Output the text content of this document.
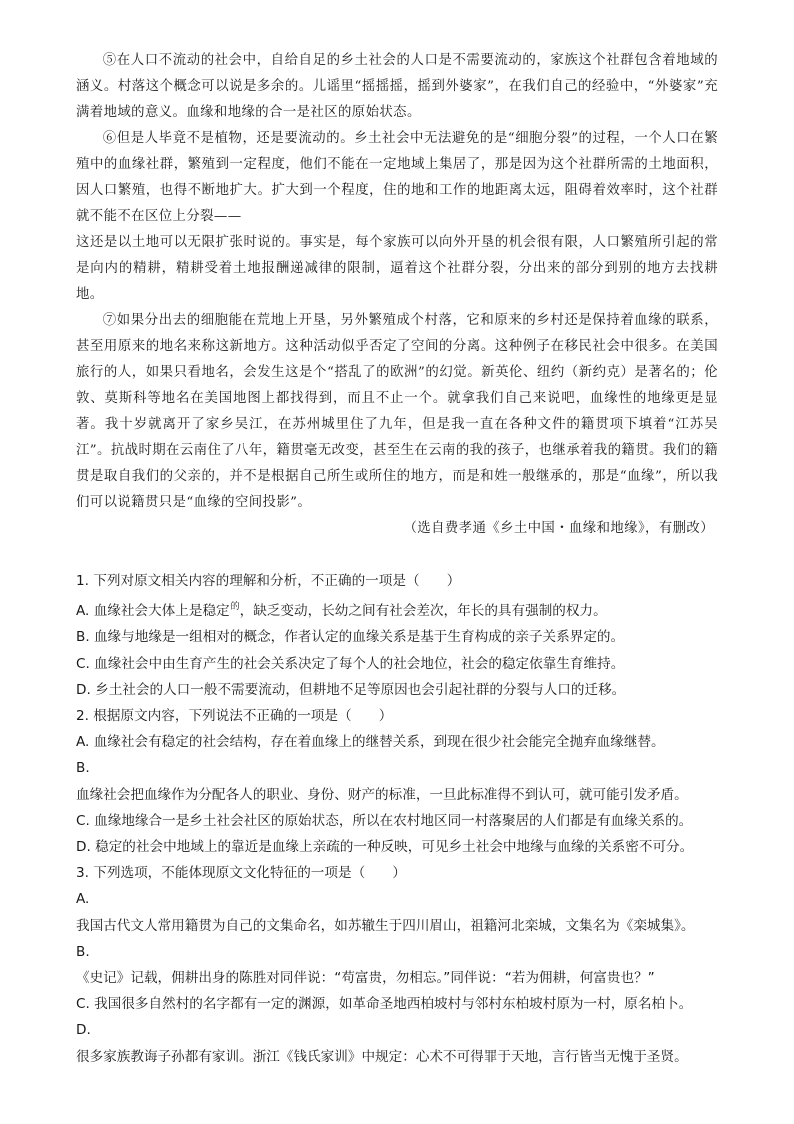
⑤在人口不流动的社会中，自给自足的乡土社会的人口是不需要流动的，家族这个社群包含着地域的涵义。村落这个概念可以说是多余的。儿谣里“摇摇摇，摇到外婆家”，在我们自己的经验中，“外婆家”充满着地域的意义。血缘和地缘的合一是社区的原始状态。

⑥但是人毕竟不是植物，还是要流动的。乡土社会中无法避免的是“细胞分裂”的过程，一个人口在繁殖中的血缘社群，繁殖到一定程度，他们不能在一定地域上集居了，那是因为这个社群所需的土地面积，因人口繁殖，也得不断地扩大。扩大到一个程度，住的地和工作的地距离太远，阻碍着效率时，这个社群就不能不在区位上分裂——

这还是以土地可以无限扩张时说的。事实是，每个家族可以向外开垦的机会很有限，人口繁殖所引起的常是向内的精耕，精耕受着土地报酬递减律的限制，逼着这个社群分裂，分出来的部分到别的地方去找耕地。

⑦如果分出去的细胞能在荒地上开垦，另外繁殖成个村落，它和原来的乡村还是保持着血缘的联系，甚至用原来的地名来称这新地方。这种活动似乎否定了空间的分离。这种例子在移民社会中很多。在美国旅行的人，如果只看地名，会发生这是个“搭乱了的欧洲”的幻觉。新英伦、纽约（新约克）是著名的；伦敦、莫斯科等地名在美国地图上都找得到，而且不止一个。就拿我们自己来说吧，血缘性的地缘更是显著。我十岁就离开了家乡吴江，在苏州城里住了九年，但是我一直在各种文件的籍贯项下填着“江苏吴江”。抗战时期在云南住了八年，籍贯毫无改变，甚至生在云南的我的孩子，也继承着我的籍贯。我们的籍贯是取自我们的父亲的，并不是根据自己所生或所住的地方，而是和姓一般继承的，那是“血缘”，所以我们可以说籍贯只是“血缘的空间投影”。

（选自费孝通《乡土中国・血缘和地缘》，有删改）

1. 下列对原文相关内容的理解和分析，不正确的一项是（　　）
A. 血缘社会大体上是稳定$^的$，缺乏变动，长幼之间有社会差次，年长的具有强制的权力。
B. 血缘与地缘是一组相对的概念，作者认定的血缘关系是基于生育构成的亲子关系界定的。
C. 血缘社会中由生育产生的社会关系决定了每个人的社会地位，社会的稳定依靠生育维持。
D. 乡土社会的人口一般不需要流动，但耕地不足等原因也会引起社群的分裂与人口的迁移。
2. 根据原文内容，下列说法不正确的一项是（　　）
A. 血缘社会有稳定的社会结构，存在着血缘上的继替关系，到现在很少社会能完全抛弃血缘继替。
B.
血缘社会把血缘作为分配各人的职业、身份、财产的标准，一旦此标准得不到认可，就可能引发矛盾。
C. 血缘地缘合一是乡土社会社区的原始状态，所以在农村地区同一村落聚居的人们都是有血缘关系的。
D. 稳定的社会中地域上的靠近是血缘上亲疏的一种反映，可见乡土社会中地缘与血缘的关系密不可分。
3. 下列选项，不能体现原文文化特征的一项是（　　）
A.
我国古代文人常用籍贯为自己的文集命名，如苏辙生于四川眉山，祖籍河北栾城，文集名为《栾城集》。
B.
《史记》记载，佣耕出身的陈胜对同伴说：“苟富贵，勿相忘。”同伴说：“若为佣耕，何富贵也？”
C. 我国很多自然村的名字都有一定的渊源，如革命圣地西柏坡村与邻村东柏坡村原为一村，原名柏卜。
D.
很多家族教诲子孙都有家训。浙江《钱氏家训》中规定：心术不可得罪于天地，言行皆当无愧于圣贤。
